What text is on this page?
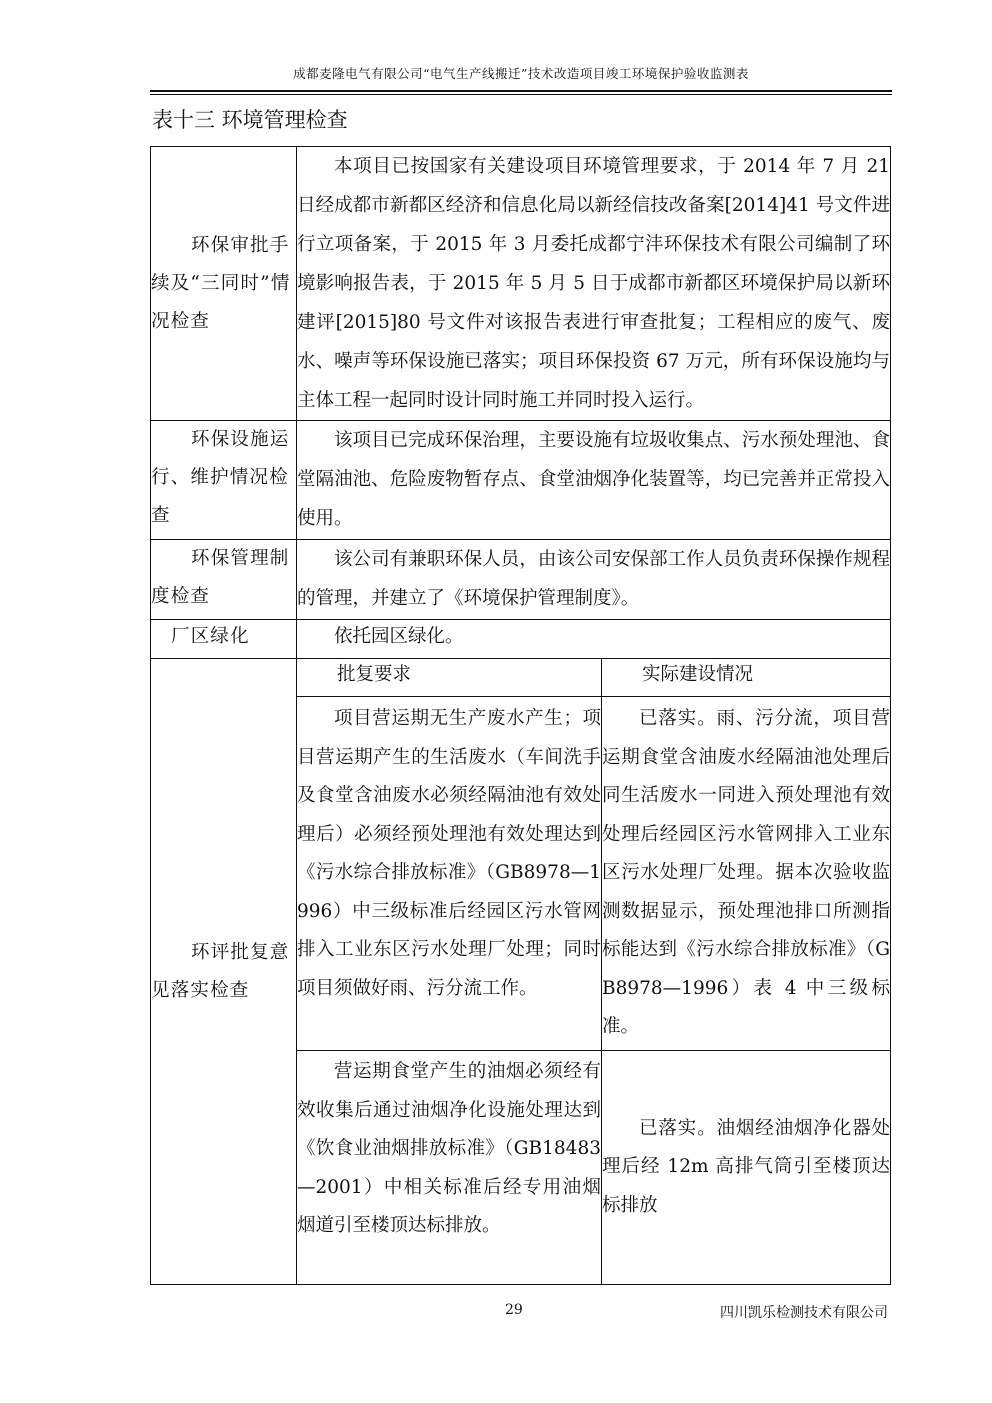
成都麦隆电气有限公司“电气生产线搬迁”技术改造项目竣工环境保护验收监测表
表十三 环境管理检查
环保审批手续及“三同时”情况检查	本项目已按国家有关建设项目环境管理要求，于 2014 年 7 月 21 日经成都市新都区经济和信息化局以新经信技改备案[2014]41 号文件进行立项备案，于 2015 年 3 月委托成都宁沣环保技术有限公司编制了环境影响报告表，于 2015 年 5 月 5 日于成都市新都区环境保护局以新环建评[2015]80 号文件对该报告表进行审查批复；工程相应的废气、废水、噪声等环保设施已落实；项目环保投资 67 万元，所有环保设施均与主体工程一起同时设计同时施工并同时投入运行。	
环保设施运行、维护情况检查	该项目已完成环保治理，主要设施有垃圾收集点、污水预处理池、食堂隔油池、危险废物暂存点、食堂油烟净化装置等，均已完善并正常投入使用。	
环保管理制度检查	该公司有兼职环保人员，由该公司安保部工作人员负责环保操作规程的管理，并建立了《环境保护管理制度》。	
厂区绿化	依托园区绿化。	
环评批复意见落实检查	批复要求	实际建设情况
	项目营运期无生产废水产生；项目营运期产生的生活废水（车间洗手及食堂含油废水必须经隔油池有效处理后）必须经预处理池有效处理达到《污水综合排放标准》（GB8978—1996）中三级标准后经园区污水管网排入工业东区污水处理厂处理；同时项目须做好雨、污分流工作。	已落实。雨、污分流，项目营运期食堂含油废水经隔油池处理后同生活废水一同进入预处理池有效处理后经园区污水管网排入工业东区污水处理厂处理。据本次验收监测数据显示，预处理池排口所测指标能达到《污水综合排放标准》（GB8978—1996）表 4 中三级标准。
	营运期食堂产生的油烟必须经有效收集后通过油烟净化设施处理达到《饮食业油烟排放标准》（GB18483—2001）中相关标准后经专用油烟烟道引至楼顶达标排放。	已落实。油烟经油烟净化器处理后经 12m 高排气筒引至楼顶达标排放
29	四川凯乐检测技术有限公司
